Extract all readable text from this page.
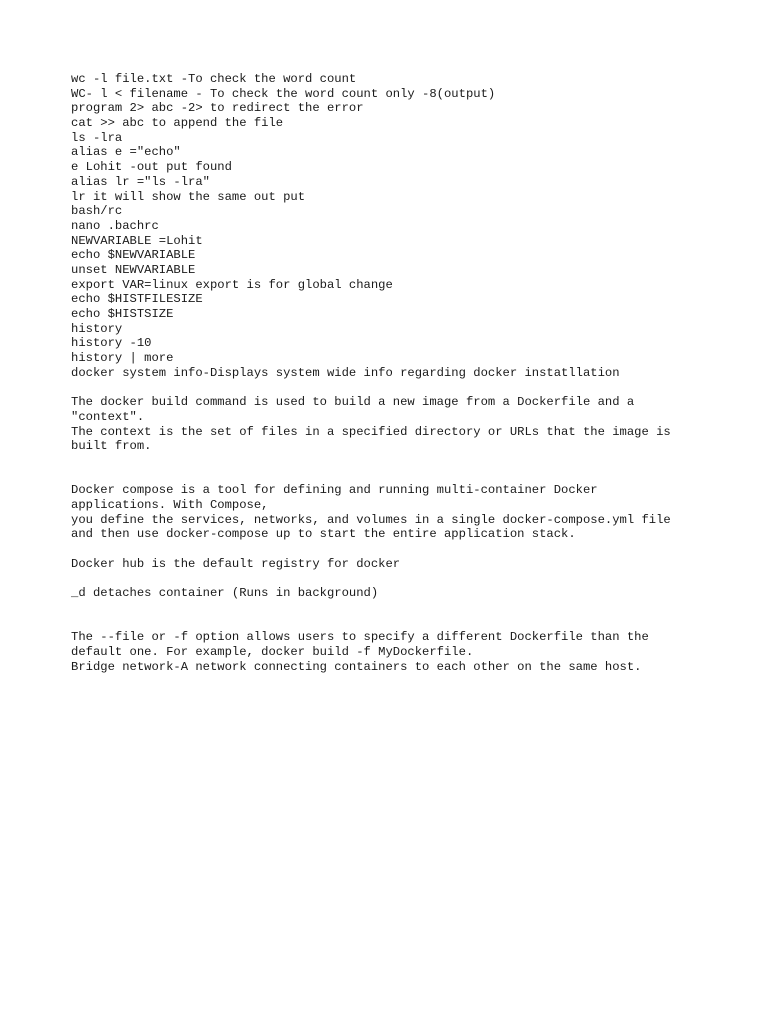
wc -l file.txt -To check the word count
WC- l < filename - To check the word count only -8(output)
program 2> abc -2> to redirect the error
cat >> abc to append the file
ls -lra
alias e ="echo"
e Lohit -out put found
alias lr ="ls -lra"
lr it will show the same out put
bash/rc
nano .bachrc
NEWVARIABLE =Lohit
echo $NEWVARIABLE
unset NEWVARIABLE
export VAR=linux export is for global change
echo $HISTFILESIZE
echo $HISTSIZE
history
history -10
history | more
docker system info-Displays system wide info regarding docker instatllation
The docker build command is used to build a new image from a Dockerfile and a
"context".
The context is the set of files in a specified directory or URLs that the image is
built from.
Docker compose is a tool for defining and running multi-container Docker
applications. With Compose,
you define the services, networks, and volumes in a single docker-compose.yml file
and then use docker-compose up to start the entire application stack.
Docker hub is the default registry for docker
_d detaches container (Runs in background)
The --file or -f option allows users to specify a different Dockerfile than the
default one. For example, docker build -f MyDockerfile.
Bridge network-A network connecting containers to each other on the same host.
